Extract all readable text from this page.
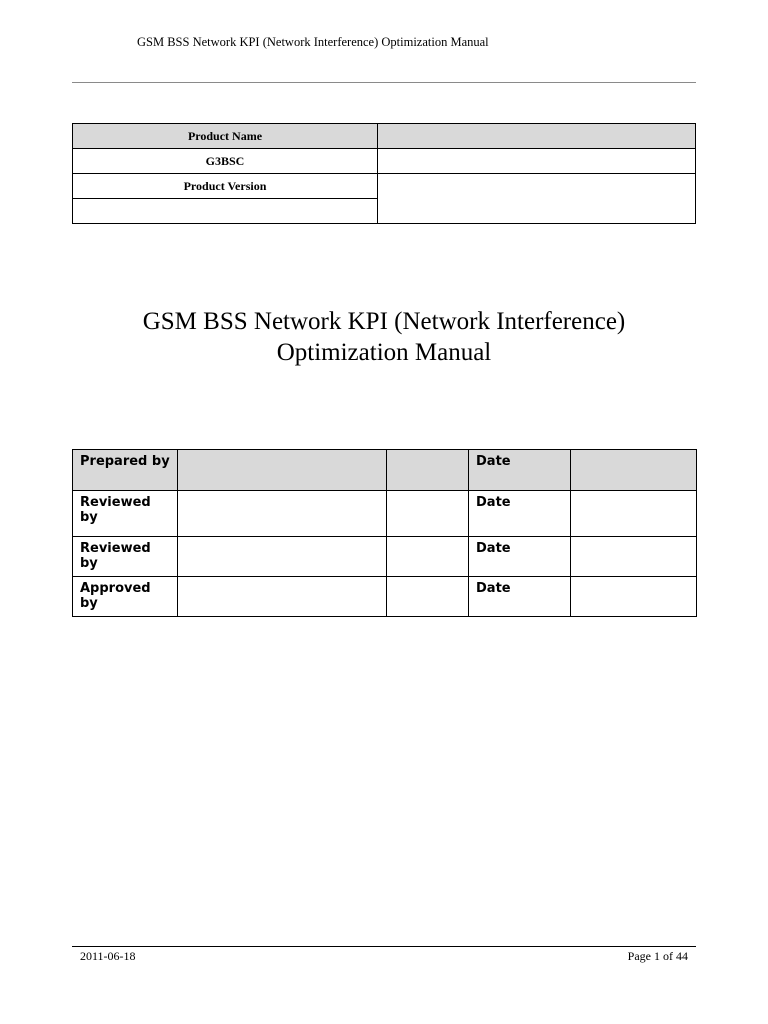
GSM BSS Network KPI (Network Interference) Optimization Manual
Product Name	
G3BSC	
Product Version	

GSM BSS Network KPI (Network Interference)
Optimization Manual
Prepared by			Date	
Reviewed by			Date	
Reviewed by			Date	
Approved by			Date	
2011-06-18	Page 1 of 44
